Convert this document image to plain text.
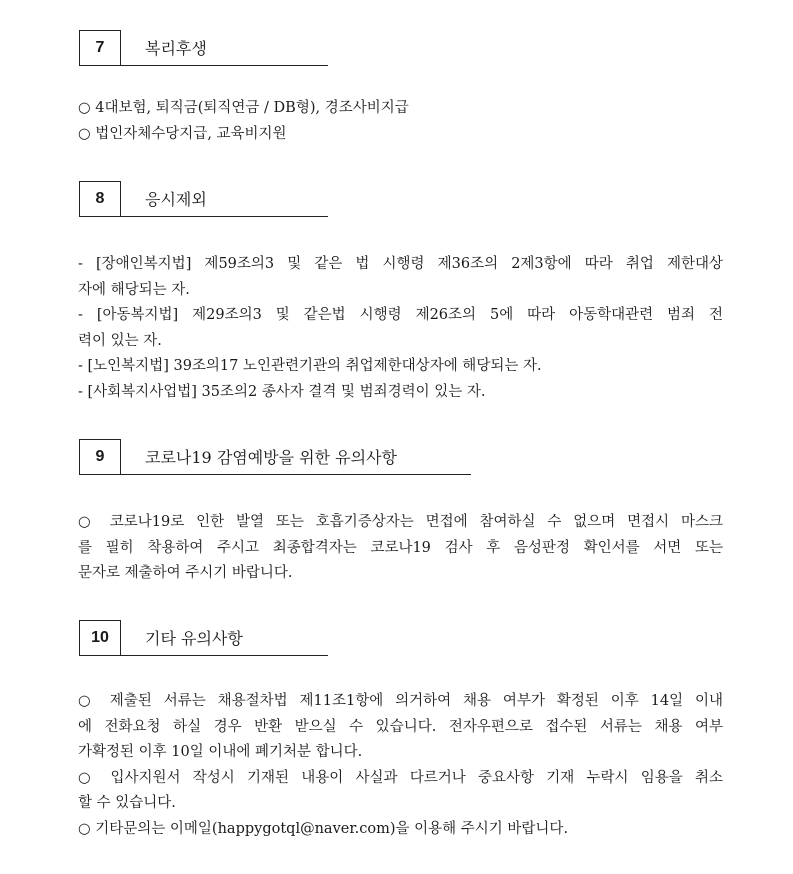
7	복리후생
○ 4대보험, 퇴직금(퇴직연금 / DB형), 경조사비지급
○ 법인자체수당지급, 교육비지원
8	응시제외
- [장애인복지법] 제59조의3 및 같은 법 시행령 제36조의 2제3항에 따라 취업 제한대상
자에 해당되는 자.
- [아동복지법] 제29조의3 및 같은법 시행령 제26조의 5에 따라 아동학대관련 범죄 전
력이 있는 자.
- [노인복지법] 39조의17 노인관련기관의 취업제한대상자에 해당되는 자.
- [사회복지사업법] 35조의2 종사자 결격 및 범죄경력이 있는 자.
9	코로나19 감염예방을 위한 유의사항
○ 코로나19로 인한 발열 또는 호흡기증상자는 면접에 참여하실 수 없으며 면접시 마스크
를 필히 착용하여 주시고 최종합격자는 코로나19 검사 후 음성판정 확인서를 서면 또는
문자로 제출하여 주시기 바랍니다.
10	기타 유의사항
○ 제출된 서류는 채용절차법 제11조1항에 의거하여 채용 여부가 확정된 이후 14일 이내
에 전화요청 하실 경우 반환 받으실 수 있습니다. 전자우편으로 접수된 서류는 채용 여부
가확정된 이후 10일 이내에 폐기처분 합니다.
○ 입사지원서 작성시 기재된 내용이 사실과 다르거나 중요사항 기재 누락시 임용을 취소
할 수 있습니다.
○ 기타문의는 이메일(happygotql@naver.com)을 이용해 주시기 바랍니다.
